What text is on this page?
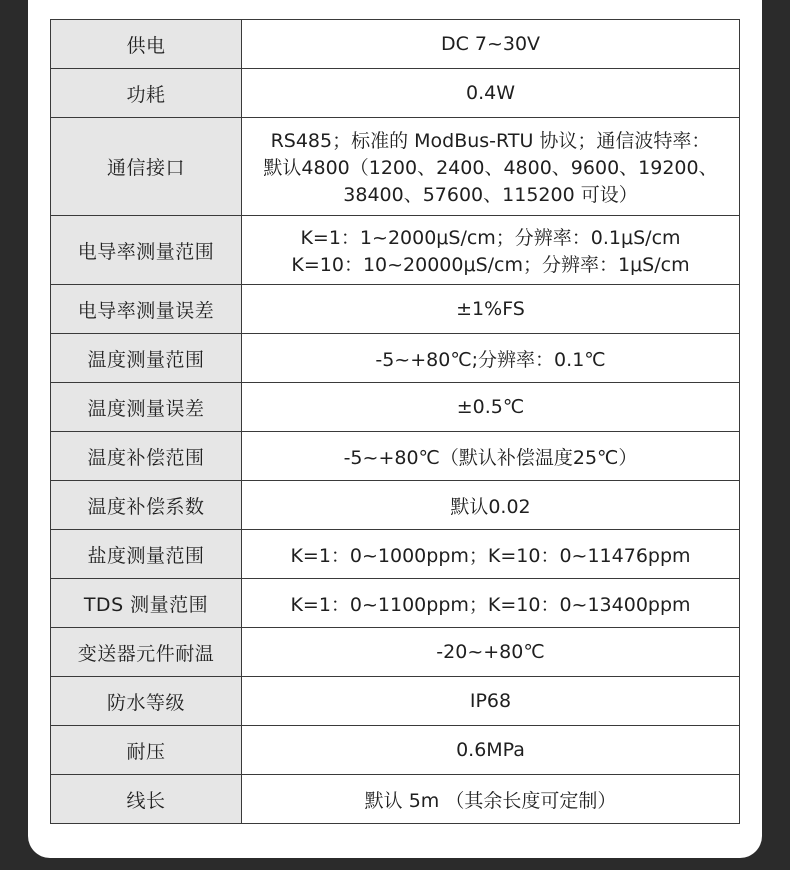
供电	DC 7~30V

功耗	0.4W

通信接口	RS485；标准的 ModBus-RTU 协议；通信波特率：
默认4800（1200、2400、4800、9600、19200、
38400、57600、115200 可设）

电导率测量范围	K=1：1~2000μS/cm；分辨率：0.1μS/cm
K=10：10~20000μS/cm；分辨率：1μS/cm

电导率测量误差	±1%FS

温度测量范围	-5~+80℃;分辨率：0.1℃

温度测量误差	±0.5℃

温度补偿范围	-5~+80℃（默认补偿温度25℃）

温度补偿系数	默认0.02

盐度测量范围	K=1：0~1000ppm；K=10：0~11476ppm

TDS 测量范围	K=1：0~1100ppm；K=10：0~13400ppm

变送器元件耐温	-20~+80℃

防水等级	IP68

耐压	0.6MPa

线长	默认 5m （其余长度可定制）
